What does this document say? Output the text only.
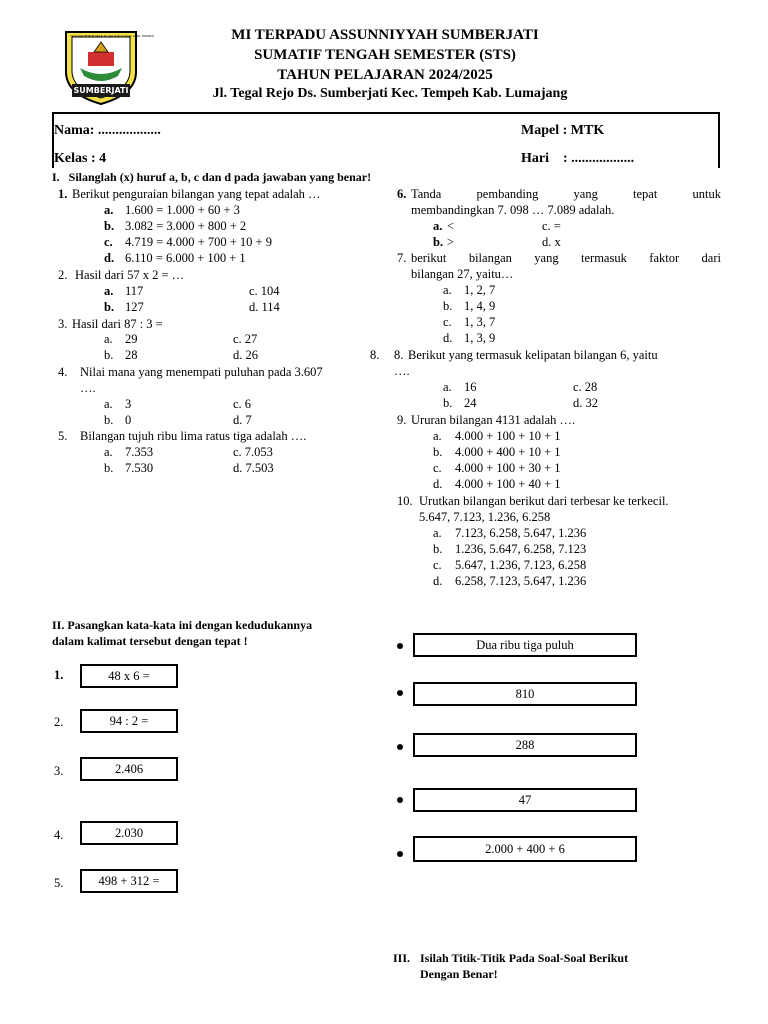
YAYASAN PENDIDIKAN ISLAM DAN SOSIAL AINIL HIKMAH
SUMBERJATI
MI TERPADU ASSUNNIYYAH SUMBERJATI
SUMATIF TENGAH SEMESTER (STS)
TAHUN PELAJARAN 2024/2025
Jl. Tegal Rejo Ds. Sumberjati Kec. Tempeh Kab. Lumajang
Nama: ..................
Kelas : 4
Mapel : MTK
Hari    : ..................
I.   Silanglah (x) huruf a, b, c dan d pada jawaban yang benar!
1. Berikut penguraian bilangan yang tepat adalah …
a. 1.600 = 1.000 + 60 + 3
b. 3.082 = 3.000 + 800 + 2
c. 4.719 = 4.000 + 700 + 10 + 9
d. 6.110 = 6.000 + 100 + 1
2. Hasil dari 57 x 2 = …
a. 117
b. 127
c. 104
d. 114
3. Hasil dari 87 : 3 =
a. 29
b. 28
c. 27
d. 26
4. Nilai mana yang menempati puluhan pada 3.607
….
a. 3
b. 0
c. 6
d. 7
5. Bilangan tujuh ribu lima ratus tiga adalah ….
a. 7.353
b. 7.530
c. 7.053
d. 7.503
6. Tanda pembanding yang tepat untuk
membandingkan 7. 098 … 7.089 adalah.
a. <
b. >
c. =
d. x
7. berikut bilangan yang termasuk faktor dari
bilangan 27, yaitu…
a. 1, 2, 7
b. 1, 4, 9
c. 1, 3, 7
d. 1, 3, 9
8. 8. Berikut yang termasuk kelipatan bilangan 6, yaitu
….
a. 16
b. 24
c. 28
d. 32
9. Ururan bilangan 4131 adalah ….
a. 4.000 + 100 + 10 + 1
b. 4.000 + 400 + 10 + 1
c. 4.000 + 100 + 30 + 1
d. 4.000 + 100 + 40 + 1
10. Urutkan bilangan berikut dari terbesar ke terkecil.
5.647, 7.123, 1.236, 6.258
a. 7.123, 6.258, 5.647, 1.236
b. 1.236, 5.647, 6.258, 7.123
c. 5.647, 1.236, 7.123, 6.258
d. 6.258, 7.123, 5.647, 1.236
II. Pasangkan kata-kata ini dengan kedudukannya
dalam kalimat tersebut dengan tepat !
1.	48 x 6 =
2.	94 : 2 =
3.	2.406
4.	2.030
5.	498 + 312 =
Dua ribu tiga puluh
810
288
47
2.000 + 400 + 6
III. Isilah Titik-Titik Pada Soal-Soal Berikut
Dengan Benar!
